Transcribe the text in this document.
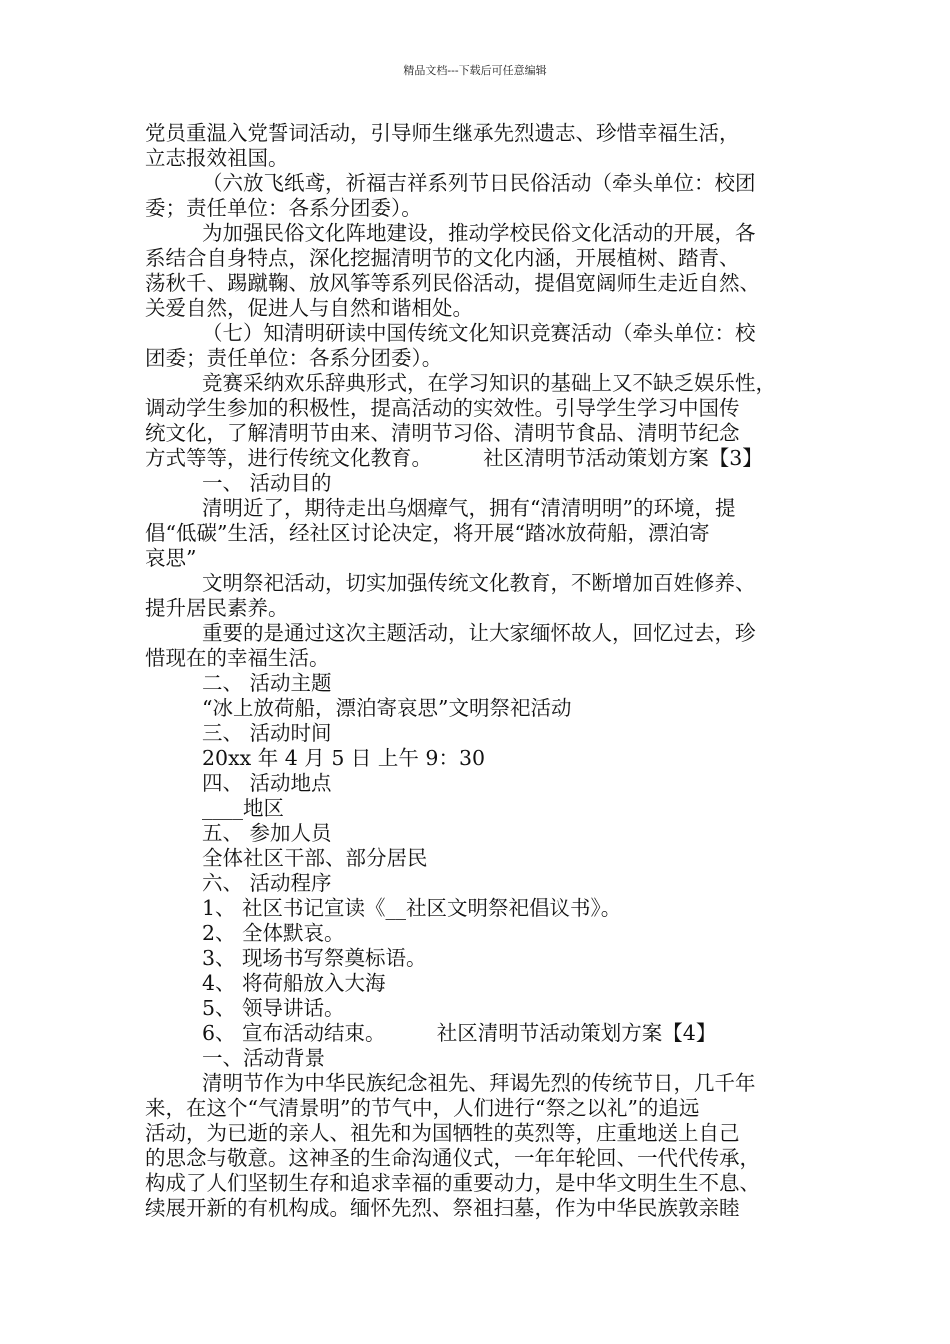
精品文档---下载后可任意编辑
党员重温入党誓词活动，引导师生继承先烈遗志、珍惜幸福生活，
立志报效祖国。
（六放飞纸鸢，祈福吉祥系列节日民俗活动（牵头单位：校团
委；责任单位：各系分团委）。
为加强民俗文化阵地建设，推动学校民俗文化活动的开展，各
系结合自身特点，深化挖掘清明节的文化内涵，开展植树、踏青、
荡秋千、踢蹴鞠、放风筝等系列民俗活动，提倡宽阔师生走近自然、
关爱自然，促进人与自然和谐相处。
（七）知清明研读中国传统文化知识竞赛活动（牵头单位：校
团委；责任单位：各系分团委）。
竞赛采纳欢乐辞典形式，在学习知识的基础上又不缺乏娱乐性，
调动学生参加的积极性，提高活动的实效性。引导学生学习中国传
统文化，了解清明节由来、清明节习俗、清明节食品、清明节纪念
方式等等，进行传统文化教育。　　　社区清明节活动策划方案【3】
一、 活动目的
清明近了，期待走出乌烟瘴气，拥有“清清明明”的环境，提
倡“低碳”生活，经社区讨论决定，将开展“踏冰放荷船，漂泊寄
哀思”
文明祭祀活动，切实加强传统文化教育，不断增加百姓修养、
提升居民素养。
重要的是通过这次主题活动，让大家缅怀故人，回忆过去，珍
惜现在的幸福生活。
二、 活动主题
“冰上放荷船，漂泊寄哀思”文明祭祀活动
三、 活动时间
20xx 年 4 月 5 日 上午 9：30
四、 活动地点
____地区
五、 参加人员
全体社区干部、部分居民
六、 活动程序
1、 社区书记宣读《__社区文明祭祀倡议书》。
2、 全体默哀。
3、 现场书写祭奠标语。
4、 将荷船放入大海
5、 领导讲话。
6、 宣布活动结束。　　　社区清明节活动策划方案【4】
一、活动背景
清明节作为中华民族纪念祖先、拜谒先烈的传统节日，几千年
来，在这个“气清景明”的节气中，人们进行“祭之以礼”的追远
活动，为已逝的亲人、祖先和为国牺牲的英烈等，庄重地送上自己
的思念与敬意。这神圣的生命沟通仪式，一年年轮回、一代代传承，
构成了人们坚韧生存和追求幸福的重要动力，是中华文明生生不息、
续展开新的有机构成。缅怀先烈、祭祖扫墓，作为中华民族敦亲睦
